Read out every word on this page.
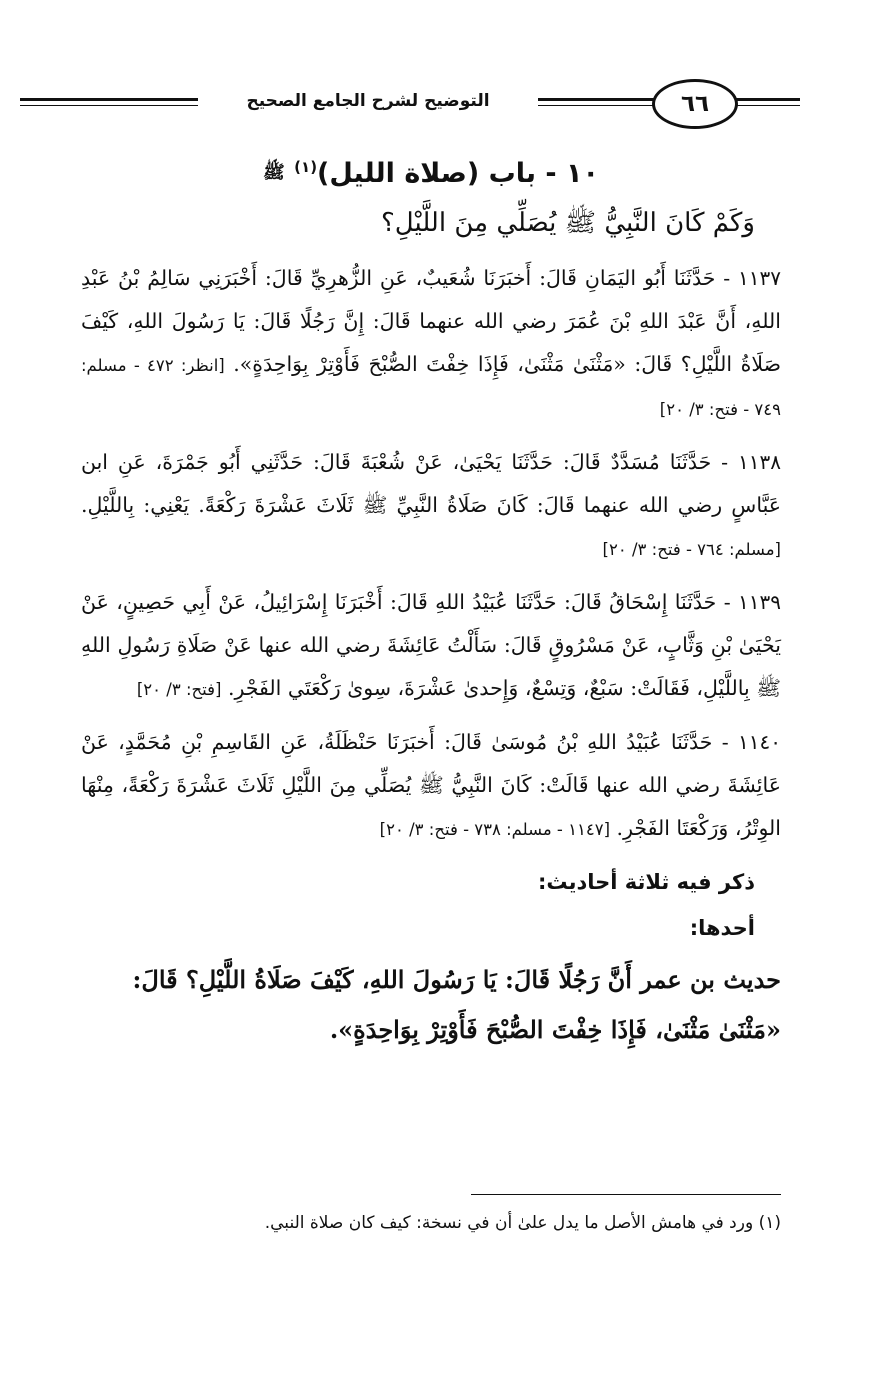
التوضيح لشرح الجامع الصحيح	٦٦
١٠ - باب (صلاة الليل)$^{(١)}$ ﷺ
وَكَمْ كَانَ النَّبِيُّ ﷺ يُصَلِّي مِنَ اللَّيْلِ؟

١١٣٧ - حَدَّثَنَا أَبُو اليَمَانِ قَالَ: أَخبَرَنَا شُعَيبٌ، عَنِ الزُّهرِيِّ قَالَ: أَخْبَرَنِي سَالِمُ بْنُ عَبْدِ اللهِ، أَنَّ عَبْدَ اللهِ بْنَ عُمَرَ رضي الله عنهما قَالَ: إِنَّ رَجُلًا قَالَ: يَا رَسُولَ اللهِ، كَيْفَ صَلَاةُ اللَّيْلِ؟ قَالَ: «مَثْنَىٰ مَثْنَىٰ، فَإِذَا خِفْتَ الصُّبْحَ فَأَوْتِرْ بِوَاحِدَةٍ». [انظر: ٤٧٢ - مسلم: ٧٤٩ - فتح: ٣/ ٢٠]

١١٣٨ - حَدَّثَنَا مُسَدَّدٌ قَالَ: حَدَّثَنَا يَحْيَىٰ، عَنْ شُعْبَةَ قَالَ: حَدَّثَنِي أَبُو جَمْرَةَ، عَنِ ابن عَبَّاسٍ رضي الله عنهما قَالَ: كَانَ صَلَاةُ النَّبِيِّ ﷺ ثَلَاثَ عَشْرَةَ رَكْعَةً. يَعْنِي: بِاللَّيْلِ. [مسلم: ٧٦٤ - فتح: ٣/ ٢٠]

١١٣٩ - حَدَّثَنَا إِسْحَاقُ قَالَ: حَدَّثَنَا عُبَيْدُ اللهِ قَالَ: أَخْبَرَنَا إِسْرَائِيلُ، عَنْ أَبِي حَصِينٍ، عَنْ يَحْيَىٰ بْنِ وَثَّابٍ، عَنْ مَسْرُوقٍ قَالَ: سَأَلْتُ عَائِشَةَ رضي الله عنها عَنْ صَلَاةِ رَسُولِ اللهِ ﷺ بِاللَّيْلِ، فَقَالَتْ: سَبْعٌ، وَتِسْعٌ، وَإِحدىٰ عَشْرَةَ، سِوىٰ رَكْعَتَي الفَجْرِ. [فتح: ٣/ ٢٠]

١١٤٠ - حَدَّثَنَا عُبَيْدُ اللهِ بْنُ مُوسَىٰ قَالَ: أَخبَرَنَا حَنْظَلَةُ، عَنِ القَاسِمِ بْنِ مُحَمَّدٍ، عَنْ عَائِشَةَ رضي الله عنها قَالَتْ: كَانَ النَّبِيُّ ﷺ يُصَلِّي مِنَ اللَّيْلِ ثَلَاثَ عَشْرَةَ رَكْعَةً، مِنْهَا الوِتْرُ، وَرَكْعَتَا الفَجْرِ. [١١٤٧ - مسلم: ٧٣٨ - فتح: ٣/ ٢٠]

ذكر فيه ثلاثة أحاديث:
أحدها:
حديث بن عمر أَنَّ رَجُلًا قَالَ: يَا رَسُولَ اللهِ، كَيْفَ صَلَاةُ اللَّيْلِ؟ قَالَ: «مَثْنَىٰ مَثْنَىٰ، فَإِذَا خِفْتَ الصُّبْحَ فَأَوْتِرْ بِوَاحِدَةٍ».
(١) ورد في هامش الأصل ما يدل علىٰ أن في نسخة: كيف كان صلاة النبي.
